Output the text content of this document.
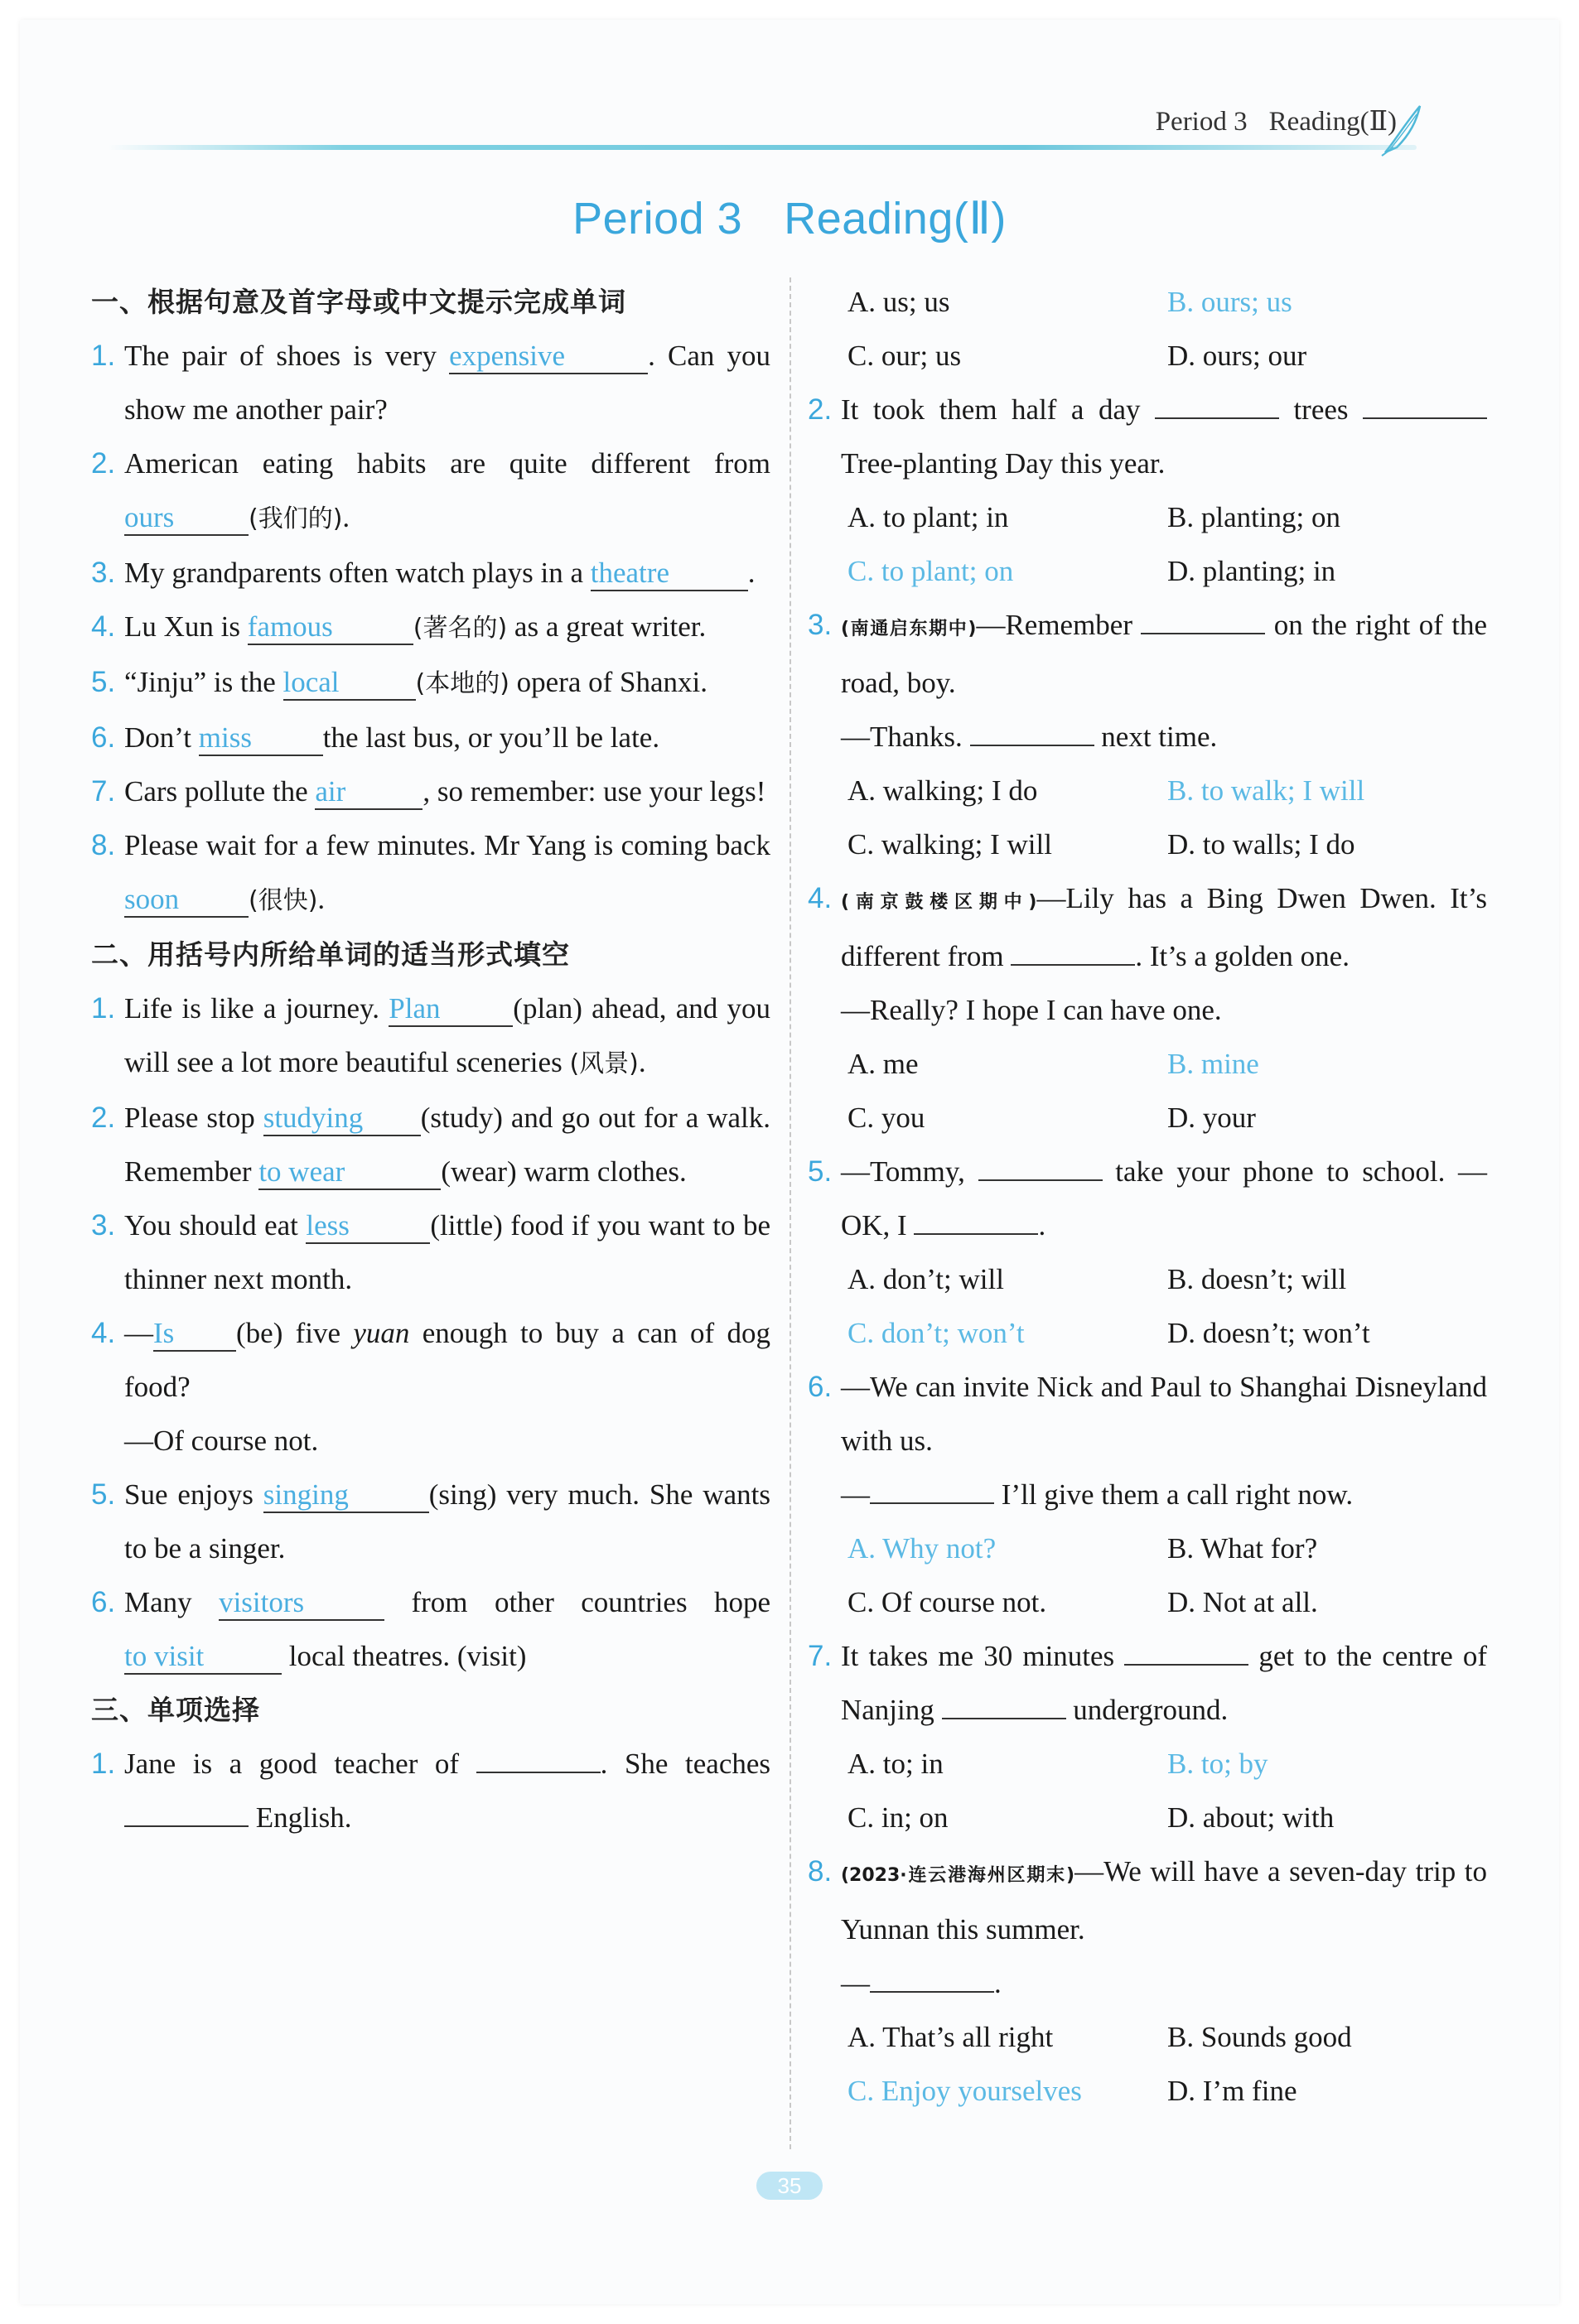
Period 3 Reading(Ⅱ)
Period 3 Reading(Ⅱ)
一、根据句意及首字母或中文提示完成单词
1. The pair of shoes is very expensive	. Can you show me another pair?
2. American eating habits are quite different from ours	(我们的).
3. My grandparents often watch plays in a theatre	.
4. Lu Xun is famous	(著名的) as a great writer.
5. “Jinju” is the local	(本地的) opera of Shanxi.
6. Don’t miss the last bus, or you’ll be late.
7. Cars pollute the air	, so remember: use your legs!
8. Please wait for a few minutes. Mr Yang is coming back soon	(很快).
二、用括号内所给单词的适当形式填空
1. Life is like a journey. Plan	(plan) ahead, and you will see a lot more beautiful sceneries (风景).
2. Please stop studying (study) and go out for a walk. Remember to wear	(wear) warm clothes.
3. You should eat less	(little) food if you want to be thinner next month.
4. —Is (be) five yuan enough to buy a can of dog food?
—Of course not.
5. Sue enjoys singing	(sing) very much. She wants to be a singer.
6. Many visitors	from other countries hope to visit	local theatres. (visit)
三、单项选择
1. Jane is a good teacher of	. She teaches  English.
A. us; us	B. ours; us
C. our; us	D. ours; our
2. It took them half a day	trees  Tree-planting Day this year.
A. to plant; in	B. planting; on
C. to plant; on	D. planting; in
3. (南通启东期中)—Remember	on the right of the road, boy.
—Thanks.	next time.
A. walking; I do	B. to walk; I will
C. walking; I will	D. to walls; I do
4. (南京鼓楼区期中)—Lily has a Bing Dwen Dwen. It’s different from	. It’s a golden one.
—Really? I hope I can have one.
A. me	B. mine
C. you	D. your
5. —Tommy,	take your phone to school. —OK, I	.
A. don’t; will	B. doesn’t; will
C. don’t; won’t	D. doesn’t; won’t
6. —We can invite Nick and Paul to Shanghai Disneyland with us.
—	I’ll give them a call right now.
A. Why not?	B. What for?
C. Of course not.	D. Not at all.
7. It takes me 30 minutes	get to the centre of Nanjing	underground.
A. to; in	B. to; by
C. in; on	D. about; with
8. (2023·连云港海州区期末)—We will have a seven-day trip to Yunnan this summer.
—	.
A. That’s all right	B. Sounds good
C. Enjoy yourselves	D. I’m fine
35
